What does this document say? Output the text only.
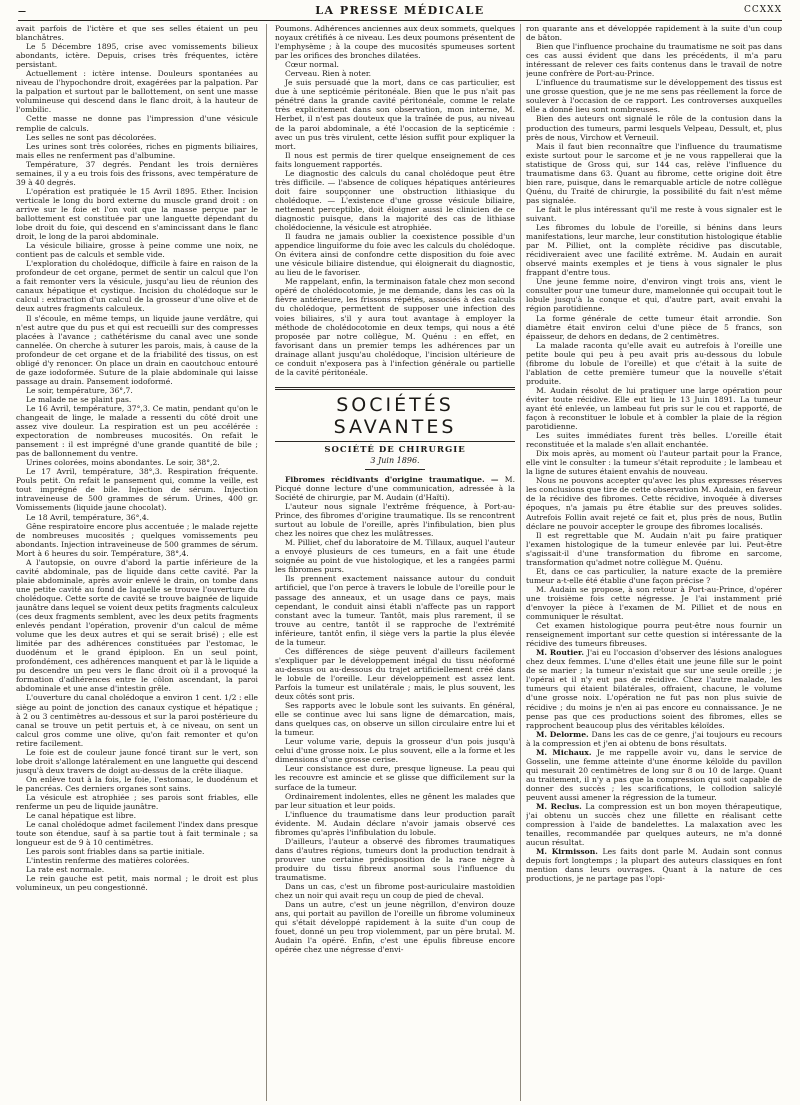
—	LA PRESSE MÉDICALE	CCXXX

avait parfois de l'ictère et que ses selles étaient un peu blanchâtres.

Le 5 Décembre 1895, crise avec vomissements bilieux abondants, ictère. Depuis, crises très fréquentes, ictère persistant.

Actuellement : ictère intense. Douleurs spontanées au niveau de l'hypochondre droit, exagérées par la palpation. Par la palpation et surtout par le ballottement, on sent une masse volumineuse qui descend dans le flanc droit, à la hauteur de l'ombilic.

Cette masse ne donne pas l'impression d'une vésicule remplie de calculs.

Les selles ne sont pas décolorées.

Les urines sont très colorées, riches en pigments biliaires, mais elles ne renferment pas d'albumine.

Température, 37 degrés. Pendant les trois dernières semaines, il y a eu trois fois des frissons, avec température de 39 à 40 degrés.

L'opération est pratiquée le 15 Avril 1895. Ether. Incision verticale le long du bord externe du muscle grand droit : on arrive sur le foie et l'on voit que la masse perçue par le ballottement est constituée par une languette dépendant du lobe droit du foie, qui descend en s'amincissant dans le flanc droit, le long de la paroi abdominale.

La vésicule biliaire, grosse à peine comme une noix, ne contient pas de calculs et semble vide.

L'exploration du cholédoque, difficile à faire en raison de la profondeur de cet organe, permet de sentir un calcul que l'on a fait remonter vers la vésicule, jusqu'au lieu de réunion des canaux hépatique et cystique. Incision du cholédoque sur le calcul : extraction d'un calcul de la grosseur d'une olive et de deux autres fragments calculeux.

Il s'écoule, en même temps, un liquide jaune verdâtre, qui n'est autre que du pus et qui est recueilli sur des compresses placées à l'avance ; cathétérisme du canal avec une sonde cannelée. On cherche à suturer les parois, mais, à cause de la profondeur de cet organe et de la friabilité des tissus, on est obligé d'y renoncer. On place un drain en caoutchouc entouré de gaze iodoformée. Suture de la plaie abdominale qui laisse passage au drain. Pansement iodoformé.

Le soir, température, 36°,7.

Le malade ne se plaint pas.

Le 16 Avril, température, 37°,3. Ce matin, pendant qu'on le changeait de linge, le malade a ressenti du côté droit une assez vive douleur. La respiration est un peu accélérée : expectoration de nombreuses mucosités. On refait le pansement : il est imprégné d'une grande quantité de bile ; pas de ballonnement du ventre.

Urines colorées, moins abondantes. Le soir, 38°,2.

Le 17 Avril, température, 38°,3. Respiration fréquente. Pouls petit. On refait le pansement qui, comme la veille, est tout imprégné de bile. Injection de sérum. Injection intraveineuse de 500 grammes de sérum. Urines, 400 gr. Vomissements (liquide jaune chocolat).

Le 18 Avril, température, 36°,4.

Gêne respiratoire encore plus accentuée ; le malade rejette de nombreuses mucosités ; quelques vomissements peu abondants. Injection intraveineuse de 500 grammes de sérum. Mort à 6 heures du soir. Température, 38°,4.

A l'autopsie, on ouvre d'abord la partie inférieure de la cavité abdominale, pas de liquide dans cette cavité. Par la plaie abdominale, après avoir enlevé le drain, on tombe dans une petite cavité au fond de laquelle se trouve l'ouverture du cholédoque. Cette sorte de cavité se trouve baignée de liquide jaunâtre dans lequel se voient deux petits fragments calculeux (ces deux fragments semblent, avec les deux petits fragments enlevés pendant l'opération, provenir d'un calcul de même volume que les deux autres et qui se serait brisé) ; elle est limitée par des adhérences constituées par l'estomac, le duodénum et le grand épiploon. En un seul point, profondément, ces adhérences manquent et par là le liquide a pu descendre un peu vers le flanc droit où il a provoqué la formation d'adhérences entre le côlon ascendant, la paroi abdominale et une anse d'intestin grêle.

L'ouverture du canal cholédoque a environ 1 cent. 1/2 : elle siège au point de jonction des canaux cystique et hépatique ; à 2 ou 3 centimètres au-dessous et sur la paroi postérieure du canal se trouve un petit pertuis et, à ce niveau, on sent un calcul gros comme une olive, qu'on fait remonter et qu'on retire facilement.

Le foie est de couleur jaune foncé tirant sur le vert, son lobe droit s'allonge latéralement en une languette qui descend jusqu'à deux travers de doigt au-dessus de la crête iliaque.

On enlève tout à la fois, le foie, l'estomac, le duodénum et le pancréas. Ces derniers organes sont sains.

La vésicule est atrophiée ; ses parois sont friables, elle renferme un peu de liquide jaunâtre.

Le canal hépatique est libre.

Le canal cholédoque admet facilement l'index dans presque toute son étendue, sauf à sa partie tout à fait terminale ; sa longueur est de 9 à 10 centimètres.

Les parois sont friables dans sa partie initiale.

L'intestin renferme des matières colorées.

La rate est normale.

Le rein gauche est petit, mais normal ; le droit est plus volumineux, un peu congestionné.

Poumons. Adhérences anciennes aux deux sommets, quelques noyaux crétifiés à ce niveau. Les deux poumons présentent de l'emphysème ; à la coupe des mucosités spumeuses sortent par les orifices des bronches dilatées.

Cœur normal.

Cerveau. Rien à noter.

Je suis persuadé que la mort, dans ce cas particulier, est due à une septicémie péritonéale. Bien que le pus n'ait pas pénétré dans la grande cavité péritonéale, comme le relate très explicitement dans son observation, mon interne, M. Herbet, il n'est pas douteux que la traînée de pus, au niveau de la paroi abdominale, a été l'occasion de la septicémie : avec un pus très virulent, cette lésion suffit pour expliquer la mort.

Il nous est permis de tirer quelque enseignement de ces faits longuement rapportés.

Le diagnostic des calculs du canal cholédoque peut être très difficile. — l'absence de coliques hépatiques antérieures doit faire soupçonner une obstruction lithiasique du cholédoque. — L'existence d'une grosse vésicule biliaire, nettement perceptible, doit éloigner aussi le clinicien de ce diagnostic puisque, dans la majorité des cas de lithiase cholédocienne, la vésicule est atrophiée.

Il faudra ne jamais oublier la coexistence possible d'un appendice linguiforme du foie avec les calculs du cholédoque. On évitera ainsi de confondre cette disposition du foie avec une vésicule biliaire distendue, qui éloignerait du diagnostic, au lieu de le favoriser.

Me rappelant, enfin, la terminaison fatale chez mon second opéré de cholédocotomie, je me demande, dans les cas où la fièvre antérieure, les frissons répétés, associés à des calculs du cholédoque, permettent de supposer une infection des voies biliaires, s'il y aura tout avantage à employer la méthode de cholédocotomie en deux temps, qui nous a été proposée par notre collègue, M. Quénu : en effet, en favorisant dans un premier temps les adhérences par un drainage allant jusqu'au cholédoque, l'incision ultérieure de ce conduit n'exposera pas à l'infection générale ou partielle de la cavité péritonéale.

SOCIÉTÉS SAVANTES
SOCIÉTÉ DE CHIRURGIE
3 Juin 1896.

Fibromes récidivants d'origine traumatique. — M. Picqué donne lecture d'une communication, adressée à la Société de chirurgie, par M. Audain (d'Haïti).

L'auteur nous signale l'extrême fréquence, à Port-au-Prince, des fibromes d'origine traumatique. Ils se rencontrent surtout au lobule de l'oreille, après l'infibulation, bien plus chez les noires que chez les mulâtresses.

M. Pilliet, chef du laboratoire de M. Tillaux, auquel l'auteur a envoyé plusieurs de ces tumeurs, en a fait une étude soignée au point de vue histologique, et les a rangées parmi les fibromes purs.

Ils prennent exactement naissance autour du conduit artificiel, que l'on perce à travers le lobule de l'oreille pour le passage des anneaux, et un usage dans ce pays, mais cependant, le conduit ainsi établi n'affecte pas un rapport constant avec la tumeur. Tantôt, mais plus rarement, il se trouve au centre, tantôt il se rapproche de l'extrémité inférieure, tantôt enfin, il siège vers la partie la plus élevée de la tumeur.

Ces différences de siège peuvent d'ailleurs facilement s'expliquer par le développement inégal du tissu néoformé au-dessus ou au-dessous du trajet artificiellement créé dans le lobule de l'oreille. Leur développement est assez lent. Parfois la tumeur est unilatérale ; mais, le plus souvent, les deux côtés sont pris.

Ses rapports avec le lobule sont les suivants. En général, elle se continue avec lui sans ligne de démarcation, mais, dans quelques cas, on observe un sillon circulaire entre lui et la tumeur.

Leur volume varie, depuis la grosseur d'un pois jusqu'à celui d'une grosse noix. Le plus souvent, elle a la forme et les dimensions d'une grosse cerise.

Leur consistance est dure, presque ligneuse. La peau qui les recouvre est amincie et se glisse que difficilement sur la surface de la tumeur.

Ordinairement indolentes, elles ne gênent les malades que par leur situation et leur poids.

L'influence du traumatisme dans leur production paraît évidente. M. Audain déclare n'avoir jamais observé ces fibromes qu'après l'infibulation du lobule.

D'ailleurs, l'auteur a observé des fibromes traumatiques dans d'autres régions, tumeurs dont la production tendrait à prouver une certaine prédisposition de la race nègre à produire du tissu fibreux anormal sous l'influence du traumatisme.

Dans un cas, c'est un fibrome post-auriculaire mastoïdien chez un noir qui avait reçu un coup de pied de cheval.

Dans un autre, c'est un jeune nègrillon, d'environ douze ans, qui portait au pavillon de l'oreille un fibrome volumineux qui s'était développé rapidement à la suite d'un coup de fouet, donné un peu trop violemment, par un père brutal. M. Audain l'a opéré. Enfin, c'est une épulis fibreuse encore opérée chez une négresse d'envi-

ron quarante ans et développée rapidement à la suite d'un coup de bâton.

Bien que l'influence prochaine du traumatisme ne soit pas dans ces cas aussi évident que dans les précédents, il m'a paru intéressant de relever ces faits contenus dans le travail de notre jeune confrère de Port-au-Prince.

L'influence du traumatisme sur le développement des tissus est une grosse question, que je ne me sens pas réellement la force de soulever à l'occasion de ce rapport. Les controverses auxquelles elle a donné lieu sont nombreuses.

Bien des auteurs ont signalé le rôle de la contusion dans la production des tumeurs, parmi lesquels Velpeau, Dessult, et, plus près de nous, Virchow et Verneuil.

Mais il faut bien reconnaître que l'influence du traumatisme existe surtout pour le sarcome et je ne vous rappellerai que la statistique de Gross qui, sur 144 cas, relève l'influence du traumatisme dans 63. Quant au fibrome, cette origine doit être bien rare, puisque, dans le remarquable article de notre collègue Quénu, du Traité de chirurgie, la possibilité du fait n'est même pas signalée.

Le fait le plus intéressant qu'il me reste à vous signaler est le suivant.

Les fibromes du lobule de l'oreille, si bénins dans leurs manifestations, leur marche, leur constitution histologique établie par M. Pilliet, ont la complète récidive pas discutable, récidiveraient avec une facilité extrême. M. Audain en aurait observé maints exemples et je tiens à vous signaler le plus frappant d'entre tous.

Une jeune femme noire, d'environ vingt trois ans, vient le consulter pour une tumeur dure, mamelonnée qui occupait tout le lobule jusqu'à la conque et qui, d'autre part, avait envahi la région parotidienne.

La forme générale de cette tumeur était arrondie. Son diamètre était environ celui d'une pièce de 5 francs, son épaisseur, de dehors en dedans, de 2 centimètres.

La malade raconta qu'elle avait eu autrefois à l'oreille une petite boule qui peu à peu avait pris au-dessous du lobule (fibrome du lobule de l'oreille) et que c'était à la suite de l'ablation de cette première tumeur que la nouvelle s'était produite.

M. Audain résolut de lui pratiquer une large opération pour éviter toute récidive. Elle eut lieu le 13 Juin 1891. La tumeur ayant été enlevée, un lambeau fut pris sur le cou et rapporté, de façon à reconstituer le lobule et à combler la plaie de la région parotidienne.

Les suites immédiates furent très belles. L'oreille était reconstituée et la malade s'en allait enchantée.

Dix mois après, au moment où l'auteur partait pour la France, elle vint le consulter : la tumeur s'était reproduite ; le lambeau et la ligne de sutures étaient envahis de nouveau.

Nous ne pouvons accepter qu'avec les plus expresses réserves les conclusions que tire de cette observation M. Audain, en faveur de la récidive des fibromes. Cette récidive, invoquée à diverses époques, n'a jamais pu être établie sur des preuves solides. Autrefois Follin avait rejeté ce fait et, plus près de nous, Butlin déclare ne pouvoir accepter le groupe des fibromes localisés.

Il est regrettable que M. Audain n'ait pu faire pratiquer l'examen histologique de la tumeur enlevée par lui. Peut-être s'agissait-il d'une transformation du fibrome en sarcome, transformation qu'admet notre collègue M. Quénu.

Et, dans ce cas particulier, la nature exacte de la première tumeur a-t-elle été établie d'une façon précise ?

M. Audain se propose, à son retour à Port-au-Prince, d'opérer une troisième fois cette négresse. Je l'ai instamment prié d'envoyer la pièce à l'examen de M. Pilliet et de nous en communiquer le résultat.

Cet examen histologique pourra peut-être nous fournir un renseignement important sur cette question si intéressante de la récidive des tumeurs fibreuses.

M. Routier. J'ai eu l'occasion d'observer des lésions analogues chez deux femmes. L'une d'elles était une jeune fille sur le point de se marier ; la tumeur n'existait que sur une seule oreille ; je l'opérai et il n'y eut pas de récidive. Chez l'autre malade, les tumeurs qui étaient bilatérales, offraient, chacune, le volume d'une grosse noix. L'opération ne fut pas non plus suivie de récidive ; du moins je n'en ai pas encore eu connaissance. Je ne pense pas que ces productions soient des fibromes, elles se rapprochent beaucoup plus des véritables kéloïdes.

M. Delorme. Dans les cas de ce genre, j'ai toujours eu recours à la compression et j'en ai obtenu de bons résultats.

M. Michaux. Je me rappelle avoir vu, dans le service de Gosselin, une femme atteinte d'une énorme kéloïde du pavillon qui mesurait 20 centimètres de long sur 8 ou 10 de large. Quant au traitement, il n'y a pas que la compression qui soit capable de donner des succès ; les scarifications, le collodion salicylé peuvent aussi amener la régression de la tumeur.

M. Reclus. La compression est un bon moyen thérapeutique, j'ai obtenu un succès chez une fillette en réalisant cette compression à l'aide de bandelettes. La malaxation avec les tenailles, recommandée par quelques auteurs, ne m'a donné aucun résultat.

M. Kirmisson. Les faits dont parle M. Audain sont connus depuis fort longtemps ; la plupart des auteurs classiques en font mention dans leurs ouvrages. Quant à la nature de ces productions, je ne partage pas l'opi-
